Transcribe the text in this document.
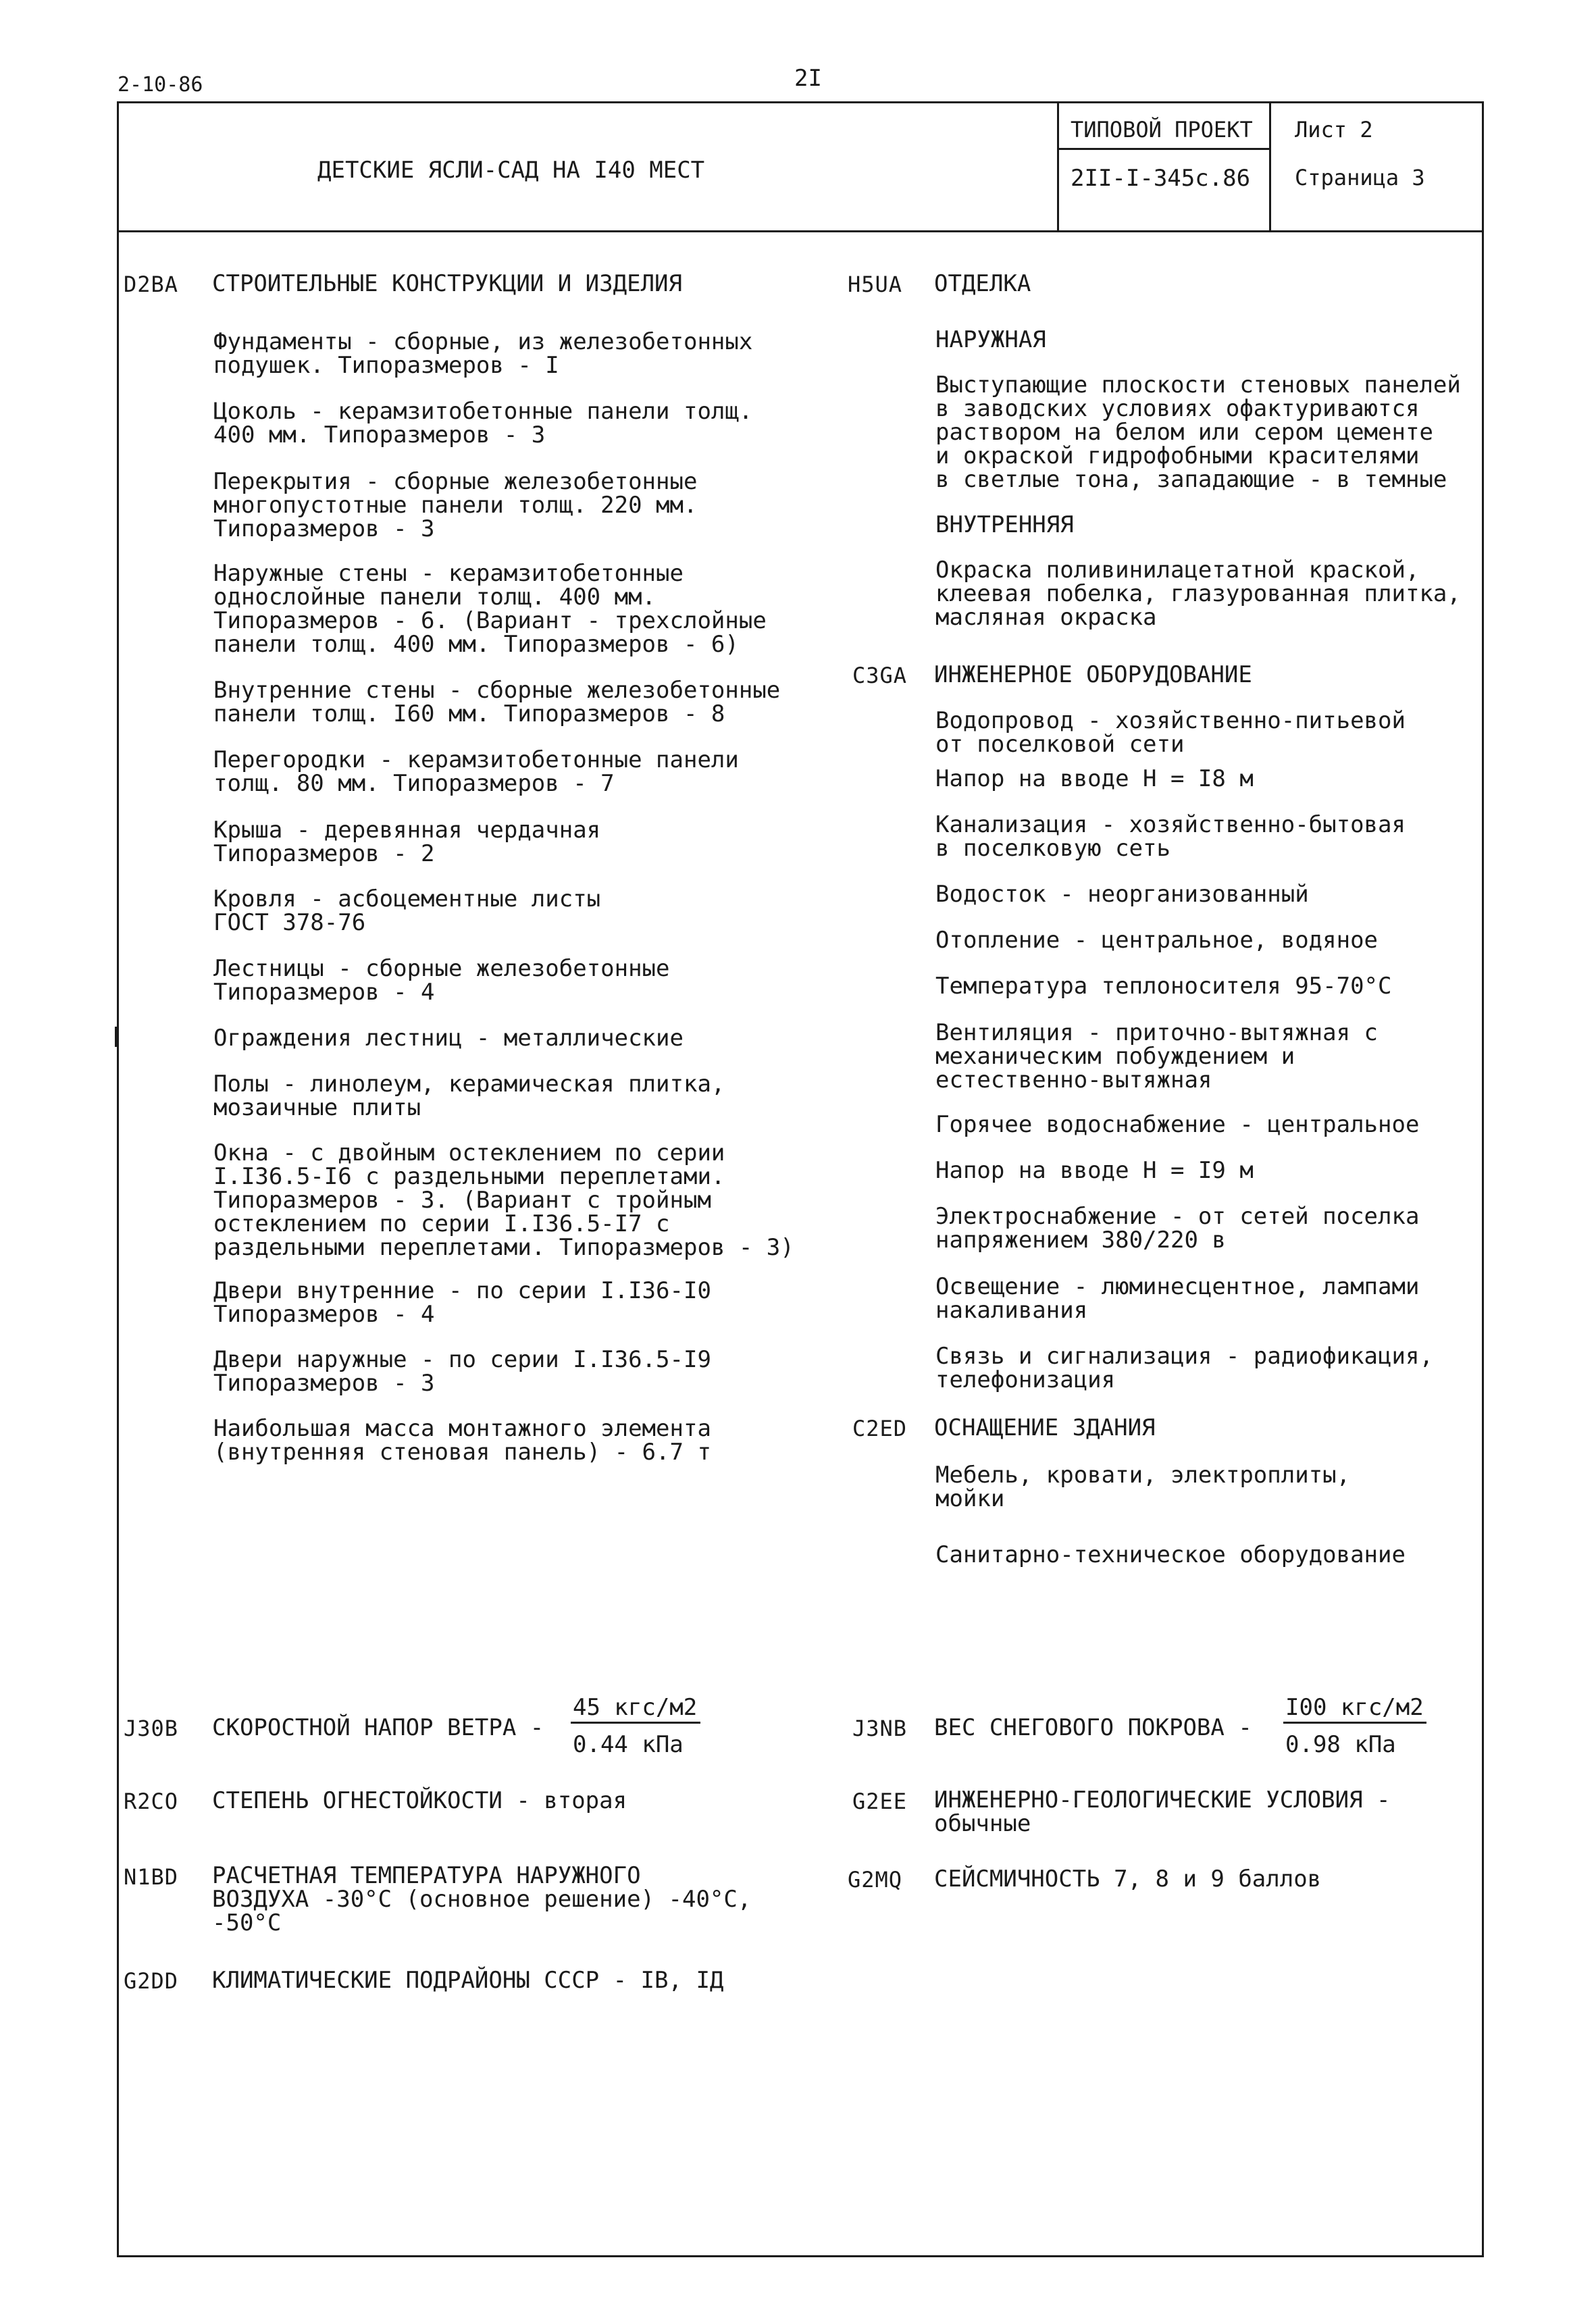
2-10-86	2I
ДЕТСКИЕ ЯСЛИ-САД НА I40 МЕСТ
ТИПОВОЙ ПРОЕКТ
2II-I-345с.86
Лист 2
Страница 3
D2BA СТРОИТЕЛЬНЫЕ КОНСТРУКЦИИ И ИЗДЕЛИЯ
Фундаменты - сборные, из железобетонных
подушек. Типоразмеров - I
Цоколь - керамзитобетонные панели толщ.
400 мм. Типоразмеров - 3
Перекрытия - сборные железобетонные
многопустотные панели толщ. 220 мм.
Типоразмеров - 3
Наружные стены - керамзитобетонные
однослойные панели толщ. 400 мм.
Типоразмеров - 6. (Вариант - трехслойные
панели толщ. 400 мм. Типоразмеров - 6)
Внутренние стены - сборные железобетонные
панели толщ. I60 мм. Типоразмеров - 8
Перегородки - керамзитобетонные панели
толщ. 80 мм. Типоразмеров - 7
Крыша - деревянная чердачная
Типоразмеров - 2
Кровля - асбоцементные листы
ГОСТ 378-76
Лестницы - сборные железобетонные
Типоразмеров - 4
Ограждения лестниц - металлические
Полы - линолеум, керамическая плитка,
мозаичные плиты
Окна - с двойным остеклением по серии
I.I36.5-I6 с раздельными переплетами.
Типоразмеров - 3. (Вариант с тройным
остеклением по серии I.I36.5-I7 с
раздельными переплетами. Типоразмеров - 3)
Двери внутренние - по серии I.I36-I0
Типоразмеров - 4
Двери наружные - по серии I.I36.5-I9
Типоразмеров - 3
Наибольшая масса монтажного элемента
(внутренняя стеновая панель) - 6.7 т
H5UA ОТДЕЛКА
НАРУЖНАЯ
Выступающие плоскости стеновых панелей
в заводских условиях офактуриваются
раствором на белом или сером цементе
и окраской гидрофобными красителями
в светлые тона, западающие - в темные
ВНУТРЕННЯЯ
Окраска поливинилацетатной краской,
клеевая побелка, глазурованная плитка,
масляная окраска
C3GA ИНЖЕНЕРНОЕ ОБОРУДОВАНИЕ
Водопровод - хозяйственно-питьевой
от поселковой сети
Напор на вводе Н = I8 м
Канализация - хозяйственно-бытовая
в поселковую сеть
Водосток - неорганизованный
Отопление - центральное, водяное
Температура теплоносителя 95-70°С
Вентиляция - приточно-вытяжная с
механическим побуждением и
естественно-вытяжная
Горячее водоснабжение - центральное
Напор на вводе Н = I9 м
Электроснабжение - от сетей поселка
напряжением 380/220 в
Освещение - люминесцентное, лампами
накаливания
Связь и сигнализация - радиофикация,
телефонизация
C2ED ОСНАЩЕНИЕ ЗДАНИЯ
Мебель, кровати, электроплиты,
мойки
Санитарно-техническое оборудование
J30B СКОРОСТНОЙ НАПОР ВЕТРА -
45 кгс/м2
0.44 кПа
J3NB ВЕС СНЕГОВОГО ПОКРОВА -
I00 кгс/м2
0.98 кПа
R2CO СТЕПЕНЬ ОГНЕСТОЙКОСТИ - вторая	G2EE ИНЖЕНЕРНО-ГЕОЛОГИЧЕСКИЕ УСЛОВИЯ -
обычные
N1BD РАСЧЕТНАЯ ТЕМПЕРАТУРА НАРУЖНОГО
ВОЗДУХА -30°С (основное решение) -40°С,
-50°С
G2MQ СЕЙСМИЧНОСТЬ 7, 8 и 9 баллов
G2DD КЛИМАТИЧЕСКИЕ ПОДРАЙОНЫ СССР - IB, IД
